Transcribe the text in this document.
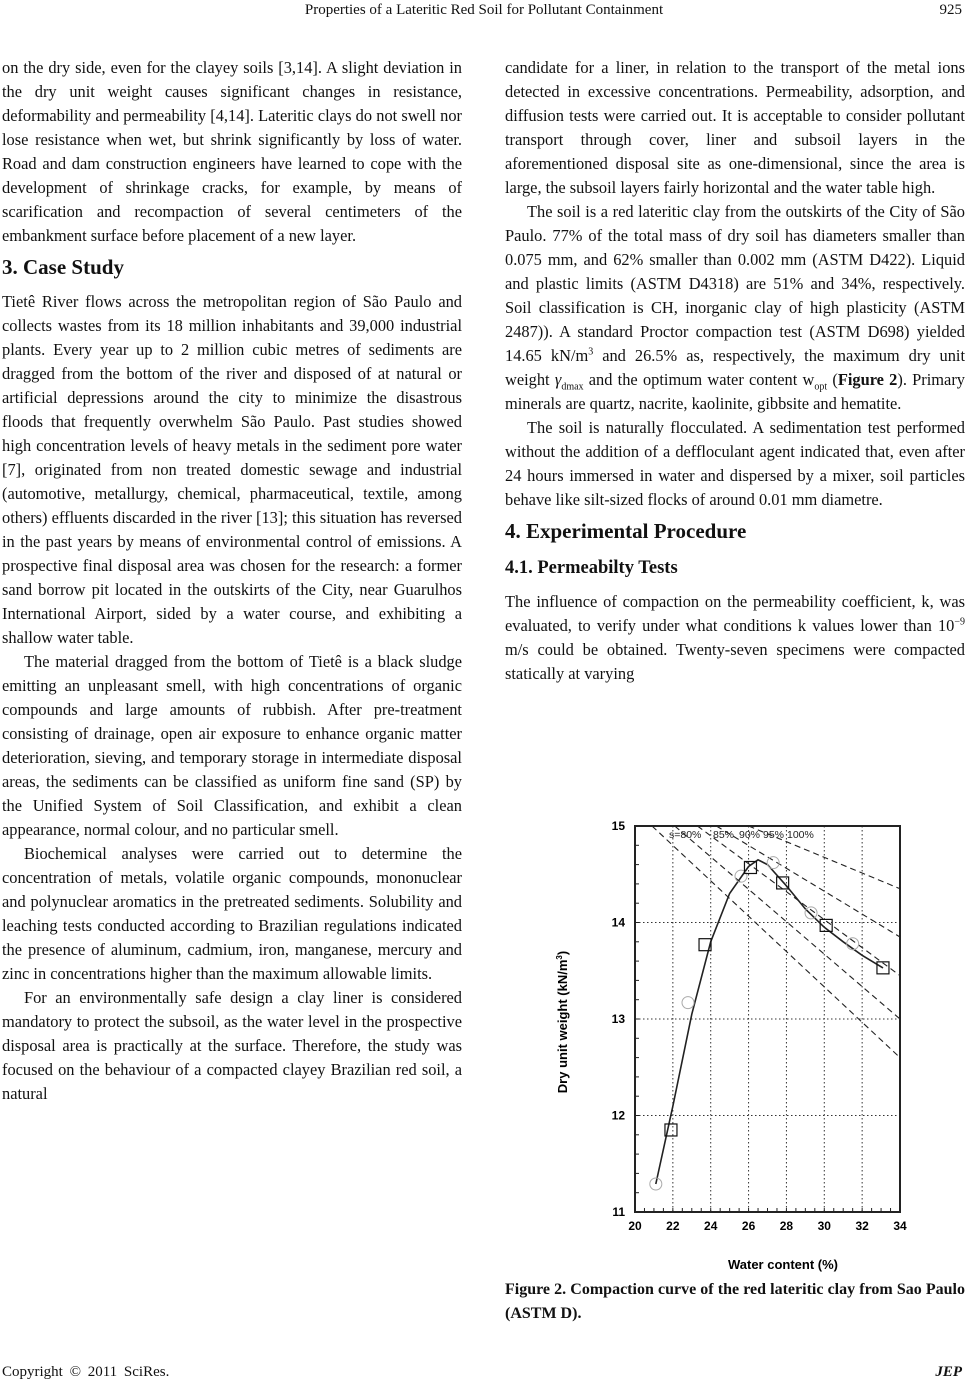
Properties of a Lateritic Red Soil for Pollutant Containment	925

on the dry side, even for the clayey soils [3,14]. A slight deviation in the dry unit weight causes significant changes in resistance, deformability and permeability [4,14]. Lateritic clays do not swell nor lose resistance when wet, but shrink significantly by loss of water. Road and dam construction engineers have learned to cope with the development of shrinkage cracks, for example, by means of scarification and recompaction of several centimeters of the embankment surface before placement of a new layer.

3. Case Study

Tietê River flows across the metropolitan region of São Paulo and collects wastes from its 18 million inhabitants and 39,000 industrial plants. Every year up to 2 million cubic metres of sediments are dragged from the bottom of the river and disposed of at natural or artificial depressions around the city to minimize the disastrous floods that frequently overwhelm São Paulo. Past studies showed high concentration levels of heavy metals in the sediment pore water [7], originated from non treated domestic sewage and industrial (automotive, metallurgy, chemical, pharmaceutical, textile, among others) effluents discarded in the river [13]; this situation has reversed in the past years by means of environmental control of emissions. A prospective final disposal area was chosen for the research: a former sand borrow pit located in the outskirts of the City, near Guarulhos International Airport, sided by a water course, and exhibiting a shallow water table.

The material dragged from the bottom of Tietê is a black sludge emitting an unpleasant smell, with high concentrations of organic compounds and large amounts of rubbish. After pre-treatment consisting of drainage, open air exposure to enhance organic matter deterioration, sieving, and temporary storage in intermediate disposal areas, the sediments can be classified as uniform fine sand (SP) by the Unified System of Soil Classification, and exhibit a clean appearance, normal colour, and no particular smell.

Biochemical analyses were carried out to determine the concentration of metals, volatile organic compounds, mononuclear and polynuclear aromatics in the pretreated sediments. Solubility and leaching tests conducted according to Brazilian regulations indicated the presence of aluminum, cadmium, iron, manganese, mercury and zinc in concentrations higher than the maximum allowable limits.

For an environmentally safe design a clay liner is considered mandatory to protect the subsoil, as the water level in the prospective disposal area is practically at the surface. Therefore, the study was focused on the behaviour of a compacted clayey Brazilian red soil, a natural

candidate for a liner, in relation to the transport of the metal ions detected in excessive concentrations. Permeability, adsorption, and diffusion tests were carried out. It is acceptable to consider pollutant transport through cover, liner and subsoil layers in the aforementioned disposal site as one-dimensional, since the area is large, the subsoil layers fairly horizontal and the water table high.

The soil is a red lateritic clay from the outskirts of the City of São Paulo. 77% of the total mass of dry soil has diameters smaller than 0.075 mm, and 62% smaller than 0.002 mm (ASTM D422). Liquid and plastic limits (ASTM D4318) are 51% and 34%, respectively. Soil classification is CH, inorganic clay of high plasticity (ASTM 2487)). A standard Proctor compaction test (ASTM D698) yielded 14.65 $kN/m^3$ and 26.5% as, respectively, the maximum dry unit weight $\gamma_{dmax}$ and the optimum water content $w_{opt}$ (Figure 2). Primary minerals are quartz, nacrite, kaolinite, gibbsite and hematite.

The soil is naturally flocculated. A sedimentation test performed without the addition of a deffloculant agent indicated that, even after 24 hours immersed in water and dispersed by a mixer, soil particles behave like silt-sized flocks of around 0.01 mm diametre.

4. Experimental Procedure
4.1. Permeabilty Tests

The influence of compaction on the permeability coefficient, k, was evaluated, to verify under what conditions k values lower than $10^{-9}$ m/s could be obtained. Twenty-seven specimens were compacted statically at varying

20 22 24 26 28 30 32 34
11
12
13
14
15
s=80% 85% 90% 95% 100%
Water content (%)
Dry unit weight $(kN/m^3)$
Figure 2. Compaction curve of the red lateritic clay from Sao Paulo (ASTM D).
Copyright © 2011 SciRes.	JEP
